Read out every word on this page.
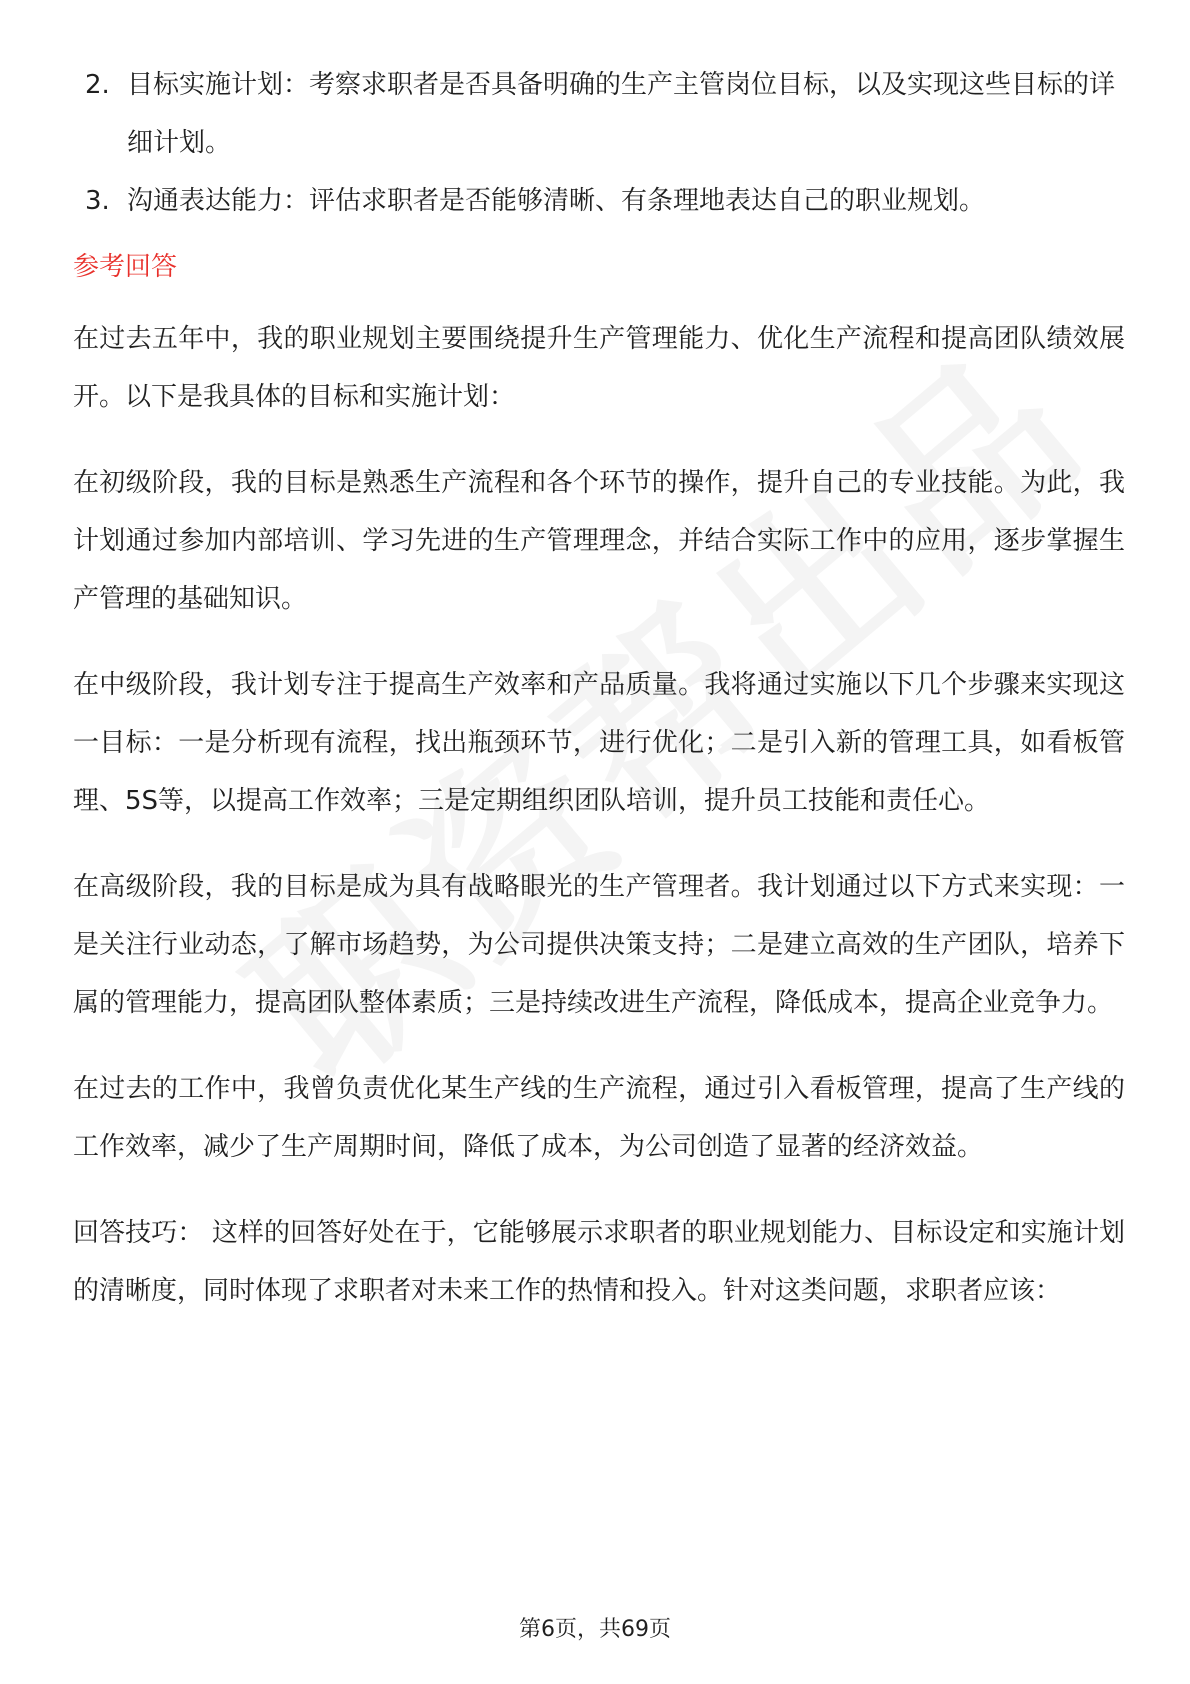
2. 目标实施计划：考察求职者是否具备明确的生产主管岗位目标，以及实现这些目标的详细计划。
3. 沟通表达能力：评估求职者是否能够清晰、有条理地表达自己的职业规划。
参考回答

在过去五年中，我的职业规划主要围绕提升生产管理能力、优化生产流程和提高团队绩效展开。以下是我具体的目标和实施计划：

在初级阶段，我的目标是熟悉生产流程和各个环节的操作，提升自己的专业技能。为此，我计划通过参加内部培训、学习先进的生产管理理念，并结合实际工作中的应用，逐步掌握生产管理的基础知识。

在中级阶段，我计划专注于提高生产效率和产品质量。我将通过实施以下几个步骤来实现这一目标：一是分析现有流程，找出瓶颈环节，进行优化；二是引入新的管理工具，如看板管理、5S等，以提高工作效率；三是定期组织团队培训，提升员工技能和责任心。

在高级阶段，我的目标是成为具有战略眼光的生产管理者。我计划通过以下方式来实现：一是关注行业动态，了解市场趋势，为公司提供决策支持；二是建立高效的生产团队，培养下属的管理能力，提高团队整体素质；三是持续改进生产流程，降低成本，提高企业竞争力。

在过去的工作中，我曾负责优化某生产线的生产流程，通过引入看板管理，提高了生产线的工作效率，减少了生产周期时间，降低了成本，为公司创造了显著的经济效益。

回答技巧： 这样的回答好处在于，它能够展示求职者的职业规划能力、目标设定和实施计划的清晰度，同时体现了求职者对未来工作的热情和投入。针对这类问题，求职者应该：

第6页，共69页
